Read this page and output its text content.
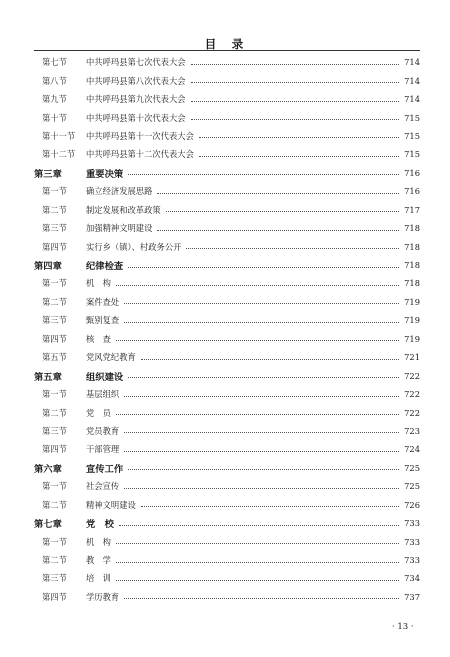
目　录
第七节	中共呼玛县第七次代表大会	714
第八节	中共呼玛县第八次代表大会	714
第九节	中共呼玛县第九次代表大会	714
第十节	中共呼玛县第十次代表大会	715
第十一节	中共呼玛县第十一次代表大会	715
第十二节	中共呼玛县第十二次代表大会	715
第三章	重要决策	716
第一节	确立经济发展思路	716
第二节	制定发展和改革政策	717
第三节	加强精神文明建设	718
第四节	实行乡（镇）、村政务公开	718
第四章	纪律检查	718
第一节	机　构	718
第二节	案件查处	719
第三节	甄别复查	719
第四节	核　查	719
第五节	党风党纪教育	721
第五章	组织建设	722
第一节	基层组织	722
第二节	党　员	722
第三节	党员教育	723
第四节	干部管理	724
第六章	宣传工作	725
第一节	社会宣传	725
第二节	精神文明建设	726
第七章	党　校	733
第一节	机　构	733
第二节	教　学	733
第三节	培　训	734
第四节	学历教育	737
· 13 ·
